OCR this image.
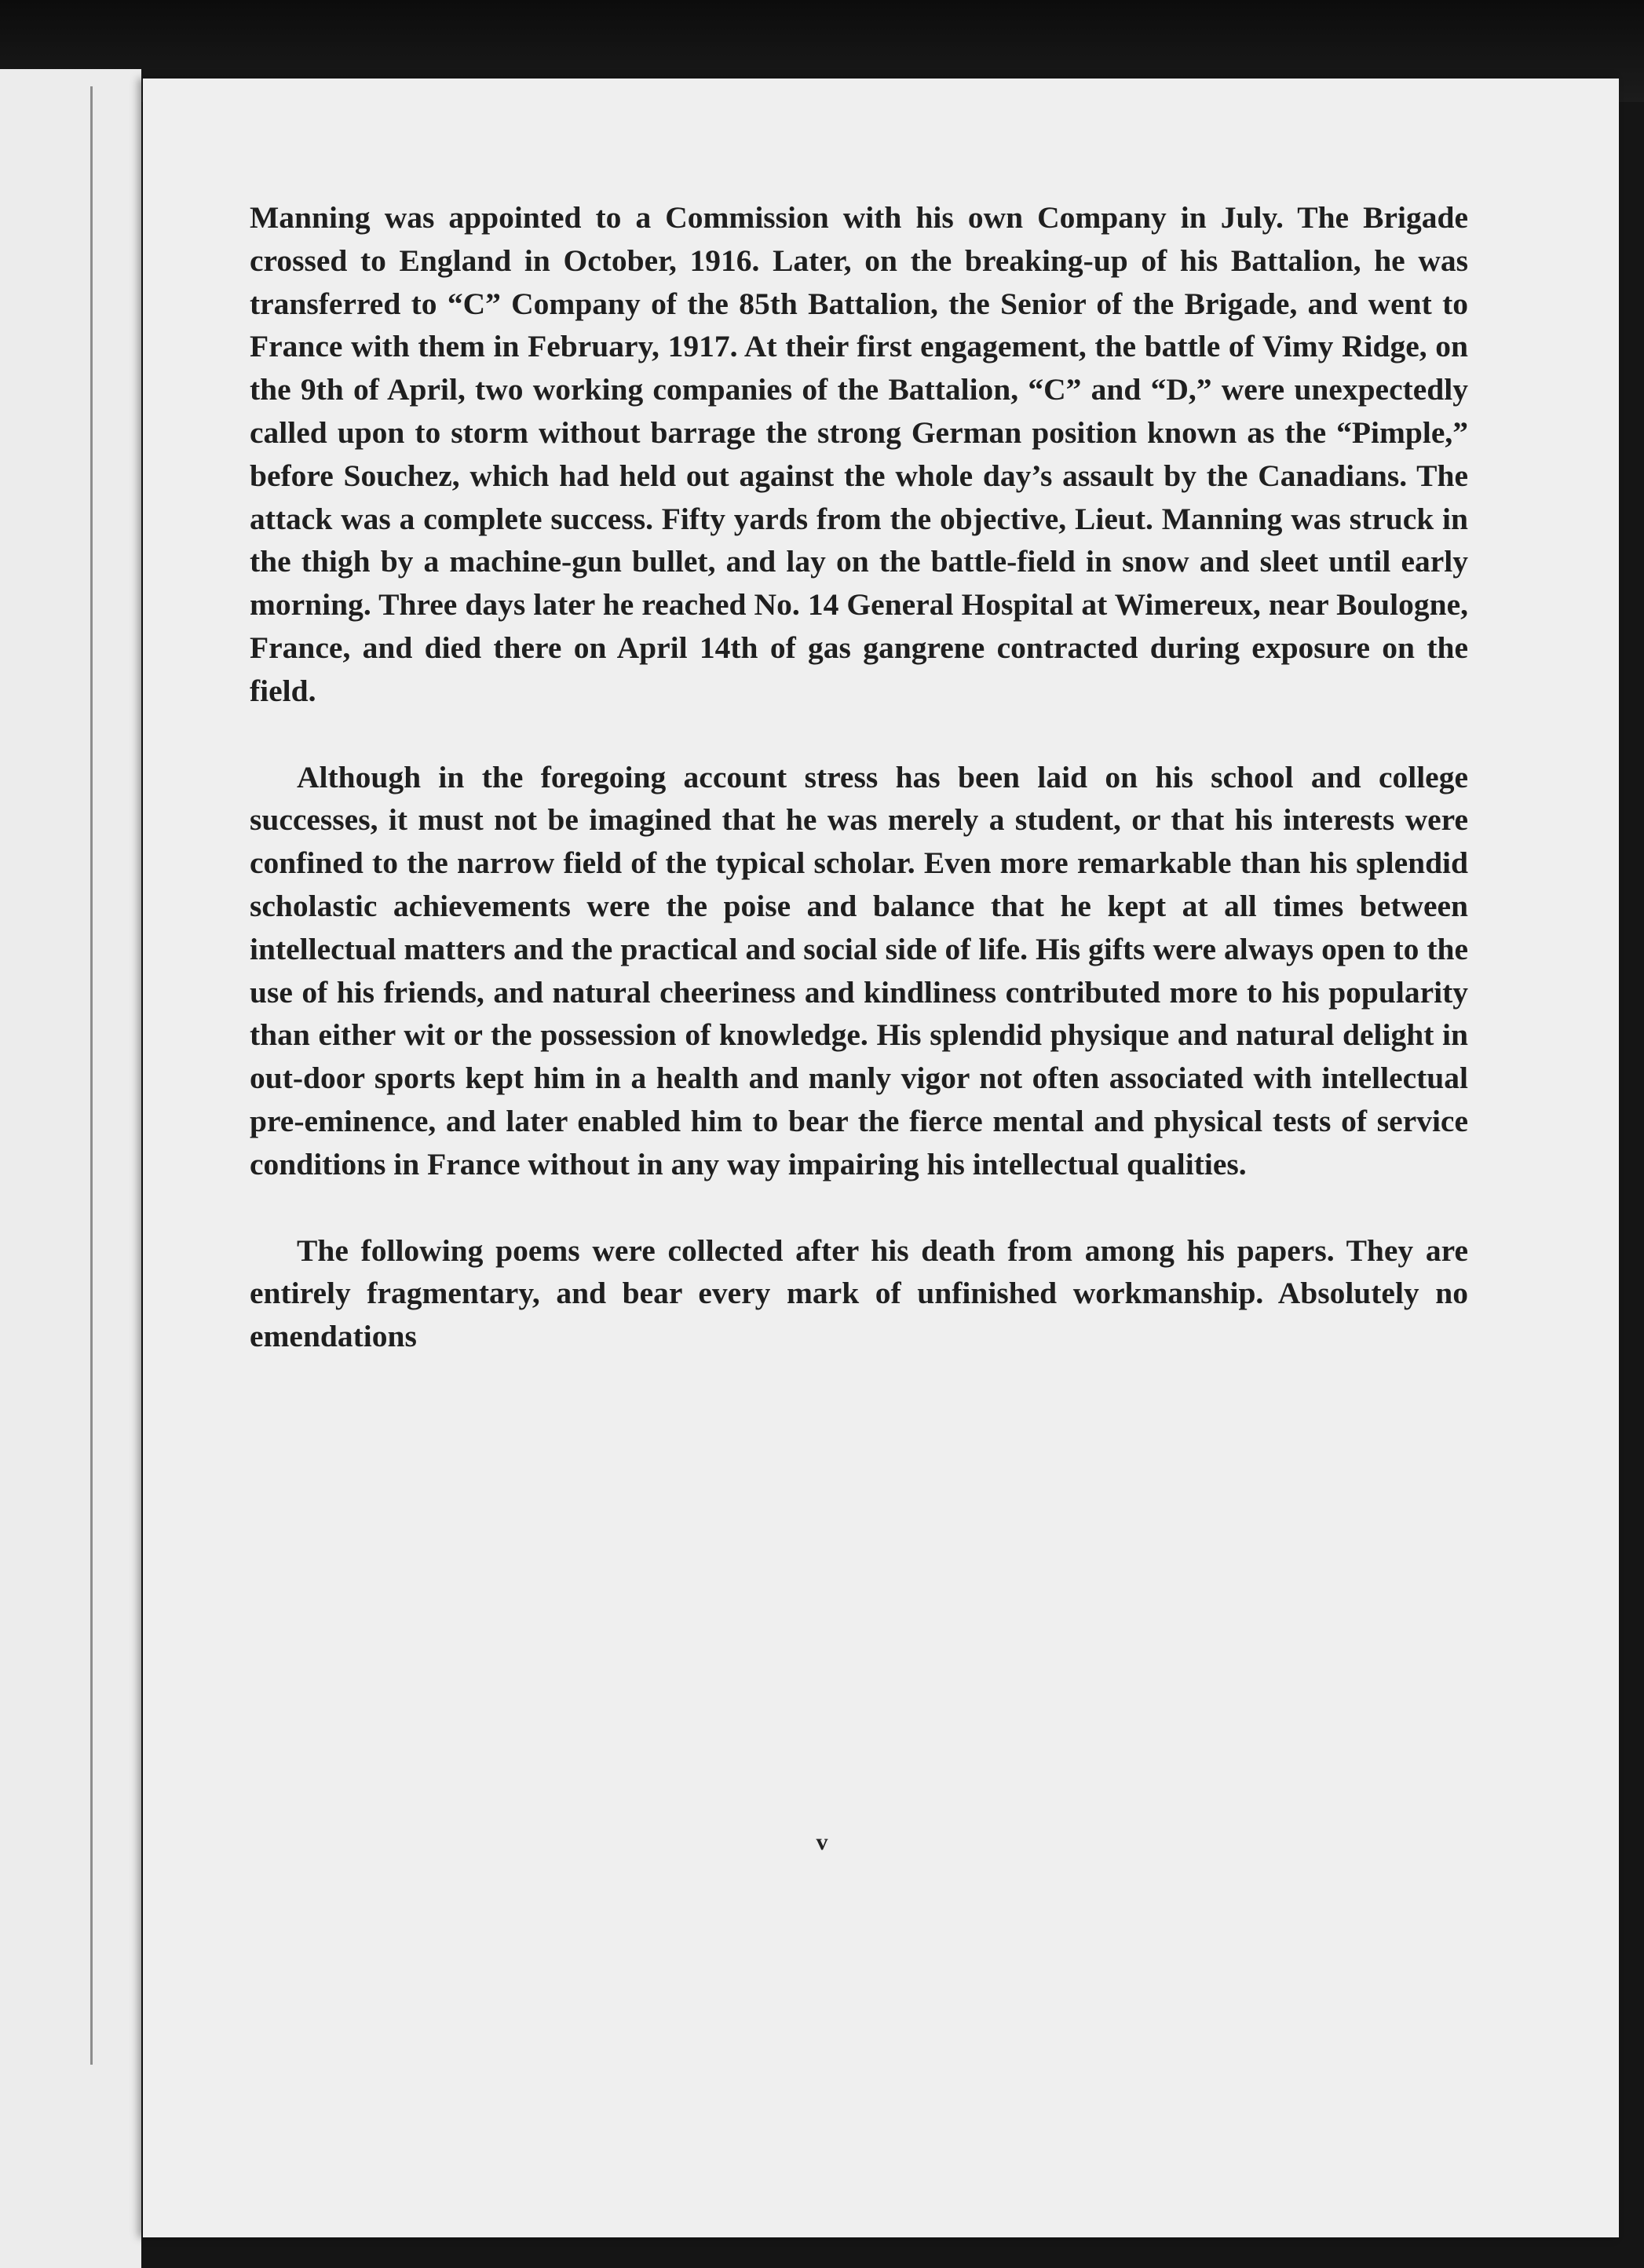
Manning was appointed to a Commission with his own Company in July. The Brigade crossed to England in October, 1916. Later, on the breaking-up of his Battalion, he was transferred to “C” Company of the 85th Battalion, the Senior of the Brigade, and went to France with them in February, 1917. At their first engagement, the battle of Vimy Ridge, on the 9th of April, two working companies of the Battalion, “C” and “D,” were unexpectedly called upon to storm without barrage the strong German position known as the “Pimple,” before Souchez, which had held out against the whole day’s assault by the Canadians. The attack was a complete success. Fifty yards from the objective, Lieut. Manning was struck in the thigh by a machine-gun bullet, and lay on the battle-field in snow and sleet until early morning. Three days later he reached No. 14 General Hospital at Wimereux, near Boulogne, France, and died there on April 14th of gas gangrene contracted during exposure on the field.

Although in the foregoing account stress has been laid on his school and college successes, it must not be imagined that he was merely a student, or that his interests were confined to the narrow field of the typical scholar. Even more remarkable than his splendid scholastic achievements were the poise and balance that he kept at all times between intellectual matters and the practical and social side of life. His gifts were always open to the use of his friends, and natural cheeriness and kindliness contributed more to his popularity than either wit or the possession of knowledge. His splendid physique and natural delight in out-door sports kept him in a health and manly vigor not often associated with intellectual pre-eminence, and later enabled him to bear the fierce mental and physical tests of service conditions in France without in any way impairing his intellectual qualities.

The following poems were collected after his death from among his papers. They are entirely fragmentary, and bear every mark of unfinished workmanship. Absolutely no emendations

v
